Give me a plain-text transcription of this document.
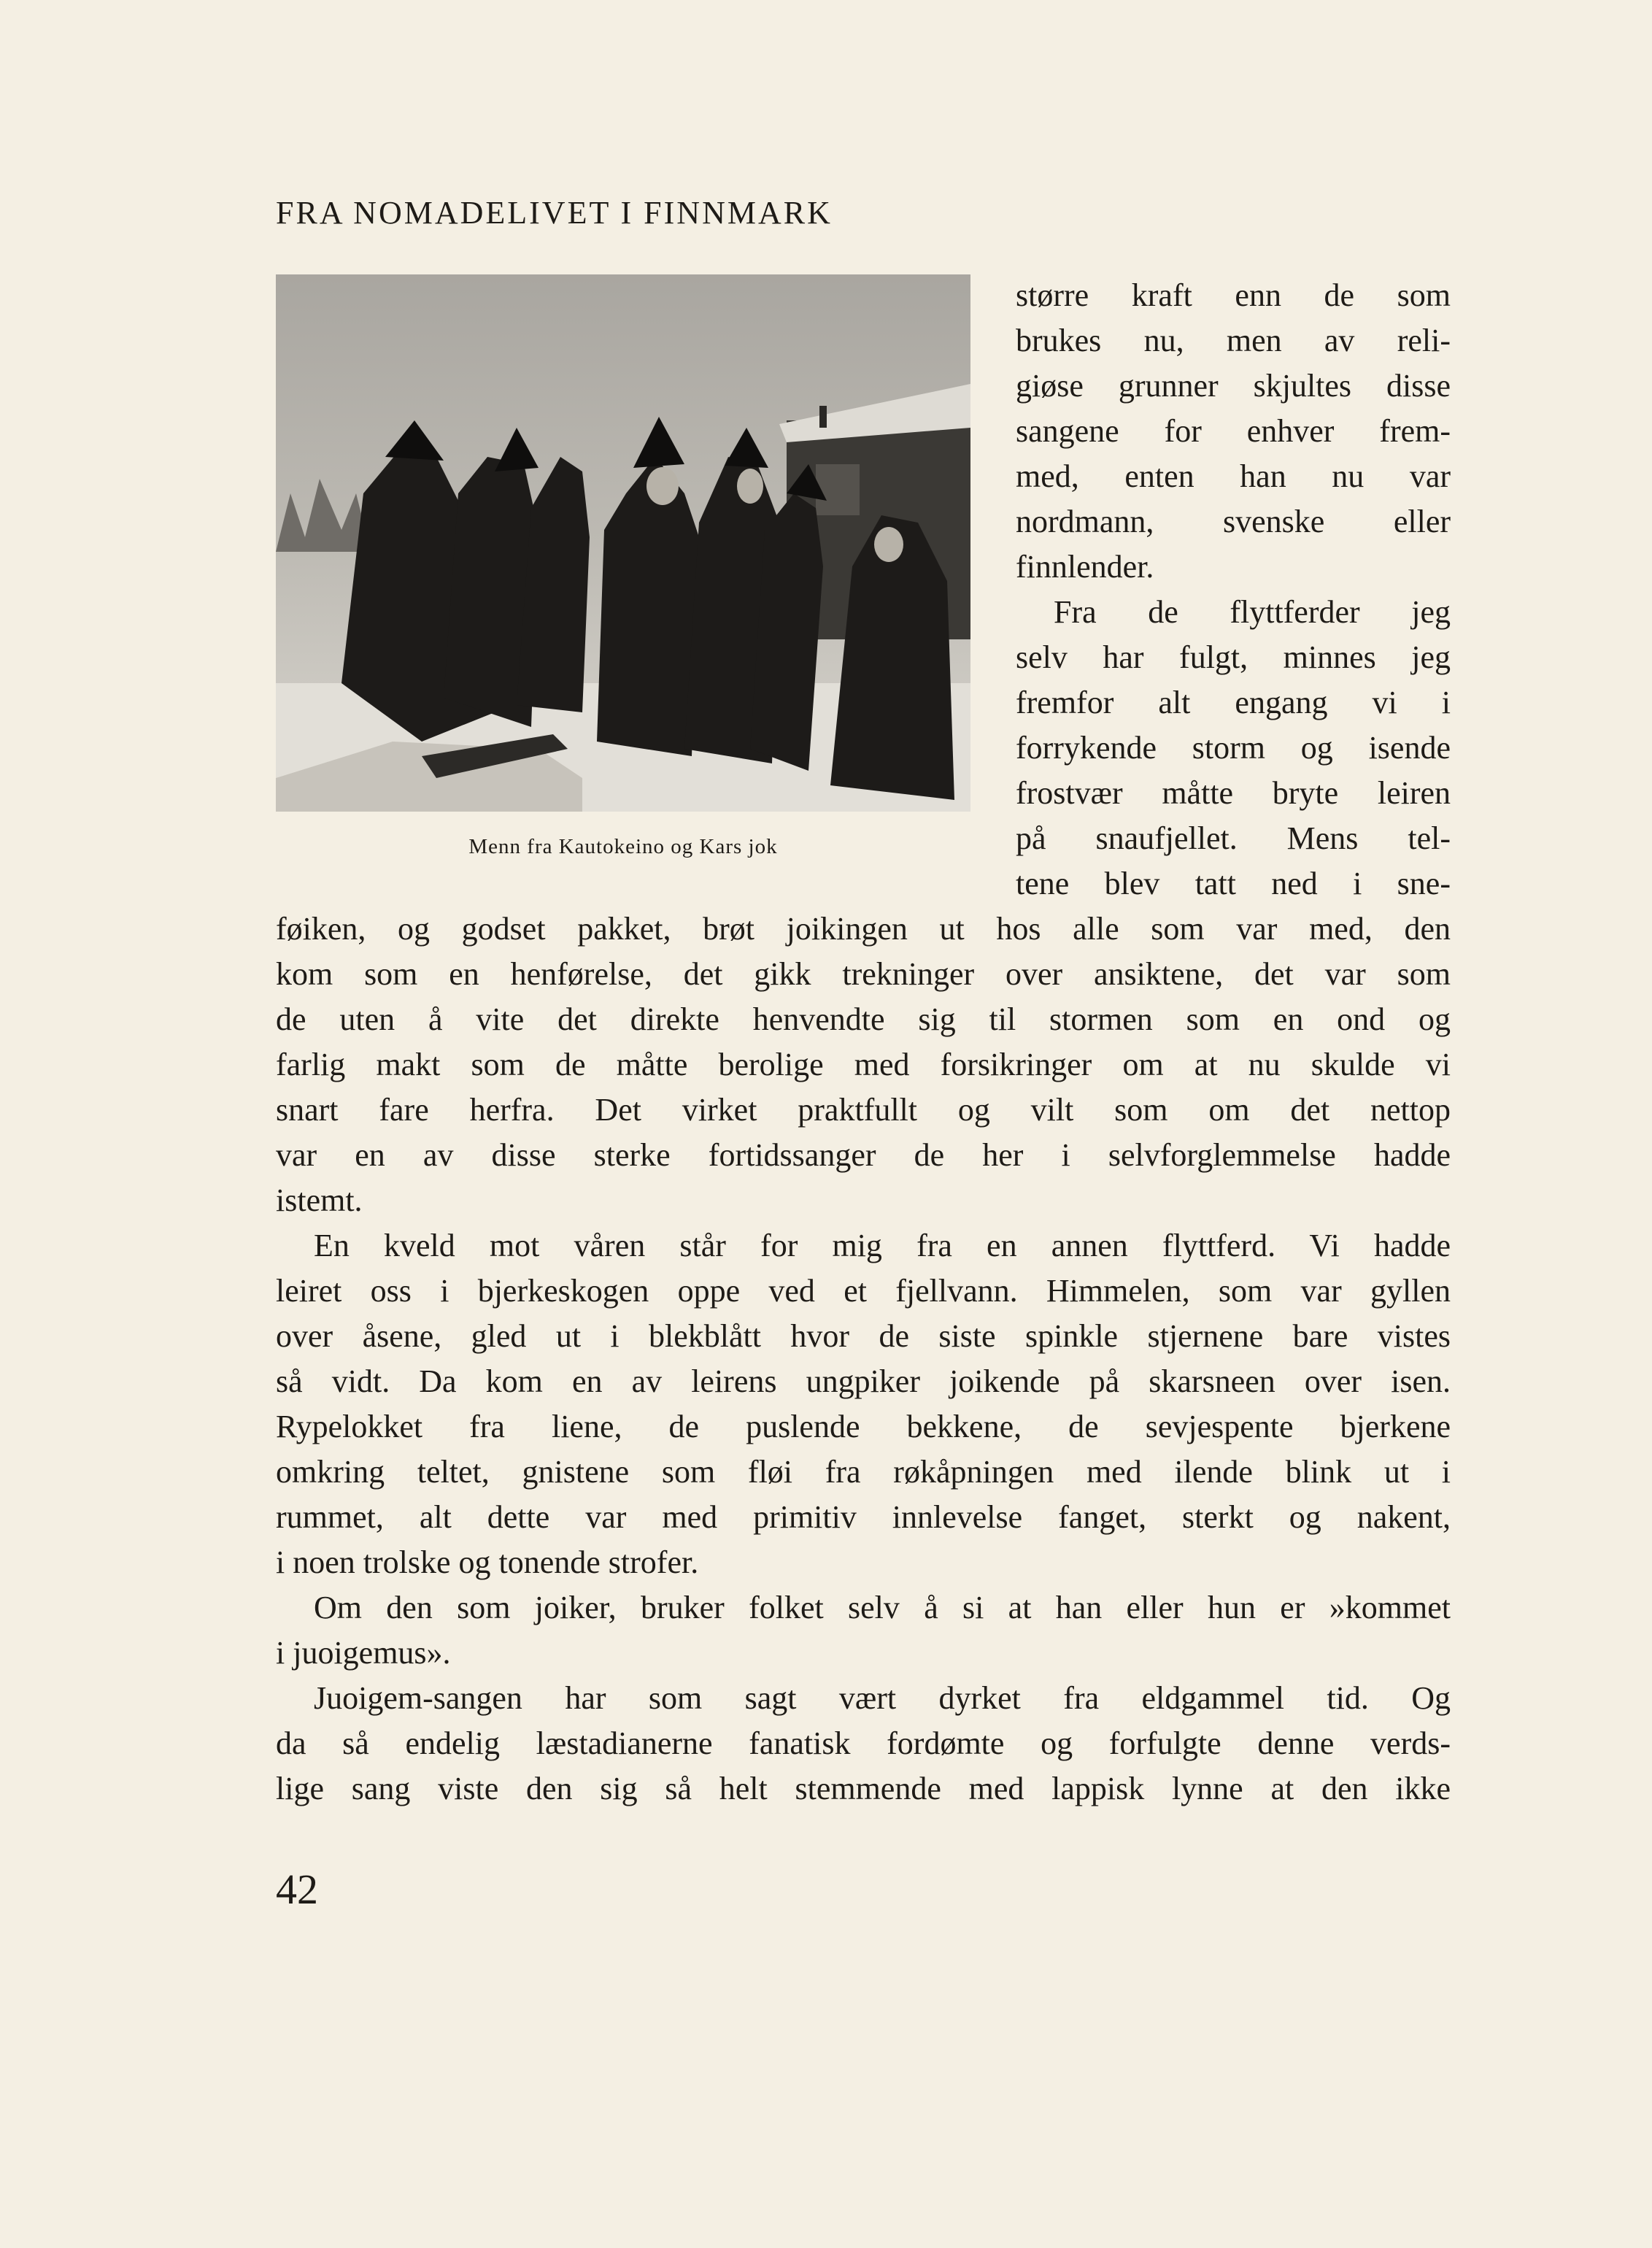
FRA NOMADELIVET I FINNMARK
Menn fra Kautokeino og Kars jok
større kraft enn de som
brukes nu, men av reli-
giøse grunner skjultes disse
sangene for enhver frem-
med, enten han nu var
nordmann, svenske eller
finnlender.
Fra de flyttferder jeg
selv har fulgt, minnes jeg
fremfor alt engang vi i
forrykende storm og isende
frostvær måtte bryte leiren
på snaufjellet. Mens tel-
tene blev tatt ned i sne-
føiken, og godset pakket, brøt joikingen ut hos alle som var med, den
kom som en henførelse, det gikk trekninger over ansiktene, det var som
de uten å vite det direkte henvendte sig til stormen som en ond og
farlig makt som de måtte berolige med forsikringer om at nu skulde vi
snart fare herfra. Det virket praktfullt og vilt som om det nettop
var en av disse sterke fortidssanger de her i selvforglemmelse hadde
istemt.
En kveld mot våren står for mig fra en annen flyttferd. Vi hadde
leiret oss i bjerkeskogen oppe ved et fjellvann. Himmelen, som var gyllen
over åsene, gled ut i blekblått hvor de siste spinkle stjernene bare vistes
så vidt. Da kom en av leirens ungpiker joikende på skarsneen over isen.
Rypelokket fra liene, de puslende bekkene, de sevjespente bjerkene
omkring teltet, gnistene som fløi fra røkåpningen med ilende blink ut i
rummet, alt dette var med primitiv innlevelse fanget, sterkt og nakent,
i noen trolske og tonende strofer.
Om den som joiker, bruker folket selv å si at han eller hun er »kommet
i juoigemus».
Juoigem-sangen har som sagt vært dyrket fra eldgammel tid. Og
da så endelig læstadianerne fanatisk fordømte og forfulgte denne verds-
lige sang viste den sig så helt stemmende med lappisk lynne at den ikke
42
